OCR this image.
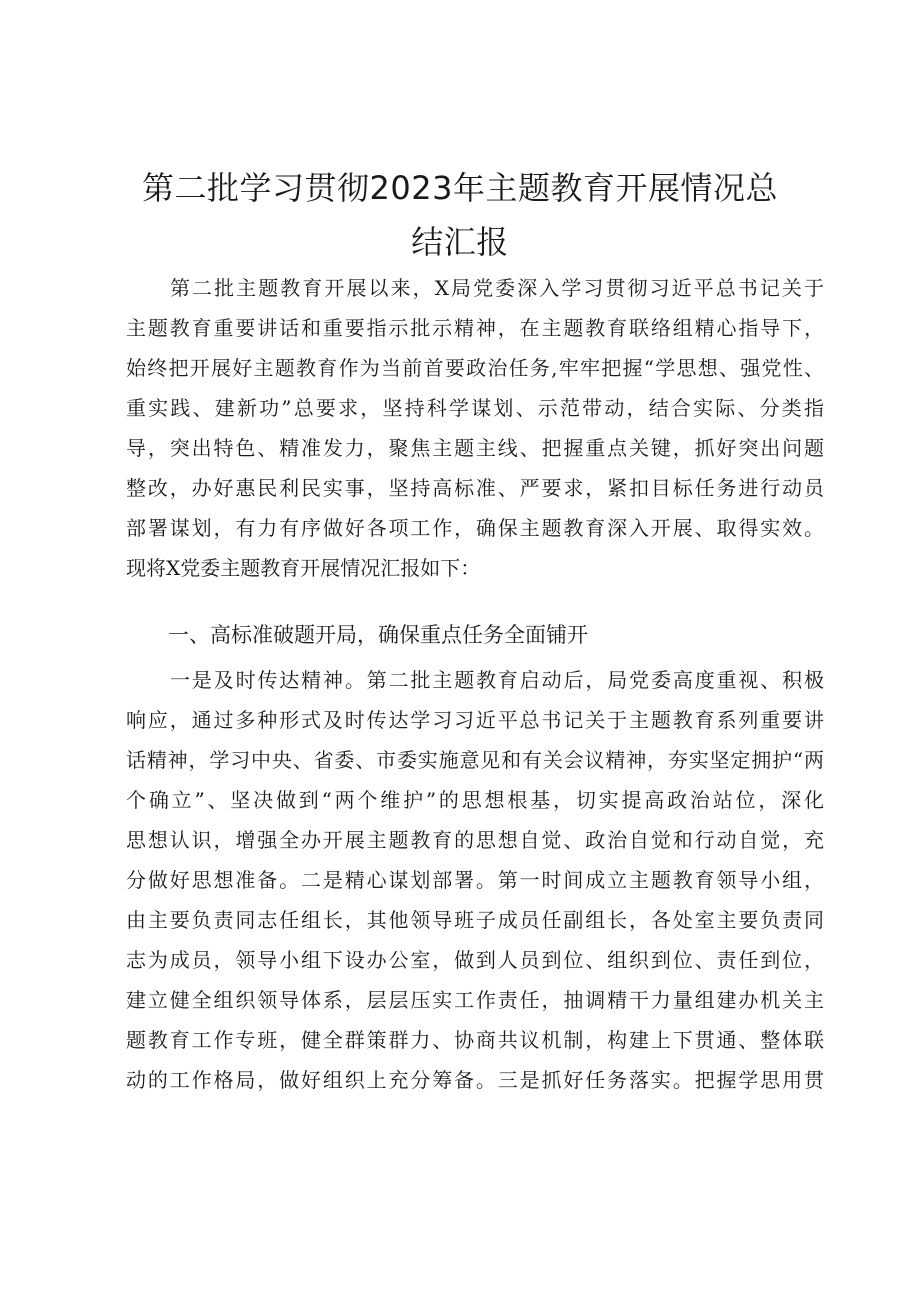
第二批学习贯彻2023年主题教育开展情况总
结汇报
第二批主题教育开展以来，X局党委深入学习贯彻习近平总书记关于
主题教育重要讲话和重要指示批示精神，在主题教育联络组精心指导下，
始终把开展好主题教育作为当前首要政治任务,牢牢把握“学思想、强党性、
重实践、建新功”总要求，坚持科学谋划、示范带动，结合实际、分类指
导，突出特色、精准发力，聚焦主题主线、把握重点关键，抓好突出问题
整改，办好惠民利民实事，坚持高标准、严要求，紧扣目标任务进行动员
部署谋划，有力有序做好各项工作，确保主题教育深入开展、取得实效。
现将X党委主题教育开展情况汇报如下：
一、高标准破题开局，确保重点任务全面铺开
一是及时传达精神。第二批主题教育启动后，局党委高度重视、积极
响应，通过多种形式及时传达学习习近平总书记关于主题教育系列重要讲
话精神，学习中央、省委、市委实施意见和有关会议精神，夯实坚定拥护“两
个确立”、坚决做到“两个维护”的思想根基，切实提高政治站位，深化
思想认识，增强全办开展主题教育的思想自觉、政治自觉和行动自觉，充
分做好思想准备。二是精心谋划部署。第一时间成立主题教育领导小组，
由主要负责同志任组长，其他领导班子成员任副组长，各处室主要负责同
志为成员，领导小组下设办公室，做到人员到位、组织到位、责任到位，
建立健全组织领导体系，层层压实工作责任，抽调精干力量组建办机关主
题教育工作专班，健全群策群力、协商共议机制，构建上下贯通、整体联
动的工作格局，做好组织上充分筹备。三是抓好任务落实。把握学思用贯
